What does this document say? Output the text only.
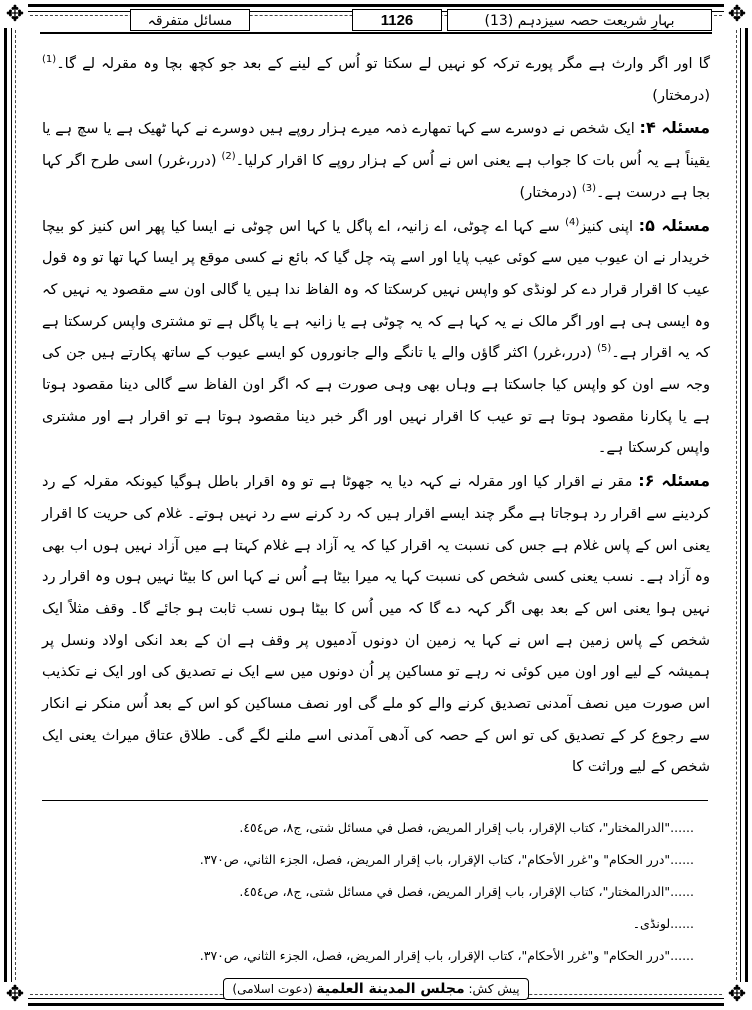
✥	✥
✥	✥
بہارِ شریعت حصہ سیزدہم (13)
1126
مسائل متفرقہ

گا اور اگر وارث ہے مگر پورے ترکہ کو نہیں لے سکتا تو اُس کے لینے کے بعد جو کچھ بچا وہ مقرلہ لے گا۔$^{(1)}$ (درمختار)

مسئلہ ۴: ایک شخص نے دوسرے سے کہا تمھارے ذمہ میرے ہزار روپے ہیں دوسرے نے کہا ٹھیک ہے یا سچ ہے یا یقیناً ہے یہ اُس بات کا جواب ہے یعنی اس نے اُس کے ہزار روپے کا اقرار کرلیا۔$^{(2)}$ (درر،غرر) اسی طرح اگر کہا بجا ہے درست ہے۔$^{(3)}$ (درمختار)

مسئلہ ۵: اپنی کنیز$^{(4)}$ سے کہا اے چوٹی، اے زانیہ، اے پاگل یا کہا اس چوٹی نے ایسا کیا پھر اس کنیز کو بیچا خریدار نے ان عیوب میں سے کوئی عیب پایا اور اسے پتہ چل گیا کہ بائع نے کسی موقع پر ایسا کہا تھا تو وہ قول عیب کا اقرار قرار دے کر لونڈی کو واپس نہیں کرسکتا کہ وہ الفاظ ندا ہیں یا گالی اون سے مقصود یہ نہیں کہ وہ ایسی ہی ہے اور اگر مالک نے یہ کہا ہے کہ یہ چوٹی ہے یا زانیہ ہے یا پاگل ہے تو مشتری واپس کرسکتا ہے کہ یہ اقرار ہے۔$^{(5)}$ (درر،غرر) اکثر گاؤں والے یا تانگے والے جانوروں کو ایسے عیوب کے ساتھ پکارتے ہیں جن کی وجہ سے اون کو واپس کیا جاسکتا ہے وہاں بھی وہی صورت ہے کہ اگر اون الفاظ سے گالی دینا مقصود ہوتا ہے یا پکارنا مقصود ہوتا ہے تو عیب کا اقرار نہیں اور اگر خبر دینا مقصود ہوتا ہے تو اقرار ہے اور مشتری واپس کرسکتا ہے۔

مسئلہ ۶: مقر نے اقرار کیا اور مقرلہ نے کہہ دیا یہ جھوٹا ہے تو وہ اقرار باطل ہوگیا کیونکہ مقرلہ کے رد کردینے سے اقرار رد ہوجاتا ہے مگر چند ایسے اقرار ہیں کہ رد کرنے سے رد نہیں ہوتے۔ غلام کی حریت کا اقرار یعنی اس کے پاس غلام ہے جس کی نسبت یہ اقرار کیا کہ یہ آزاد ہے غلام کہتا ہے میں آزاد نہیں ہوں اب بھی وہ آزاد ہے۔ نسب یعنی کسی شخص کی نسبت کہا یہ میرا بیٹا ہے اُس نے کہا اس کا بیٹا نہیں ہوں وہ اقرار رد نہیں ہوا یعنی اس کے بعد بھی اگر کہہ دے گا کہ میں اُس کا بیٹا ہوں نسب ثابت ہو جائے گا۔ وقف مثلاً ایک شخص کے پاس زمین ہے اس نے کہا یہ زمین ان دونوں آدمیوں پر وقف ہے ان کے بعد انکی اولاد ونسل پر ہمیشہ کے لیے اور اون میں کوئی نہ رہے تو مساکین پر اُن دونوں میں سے ایک نے تصدیق کی اور ایک نے تکذیب اس صورت میں نصف آمدنی تصدیق کرنے والے کو ملے گی اور نصف مساکین کو اس کے بعد اُس منکر نے انکار سے رجوع کر کے تصدیق کی تو اس کے حصہ کی آدھی آمدنی اسے ملنے لگے گی۔ طلاق عتاق میراث یعنی ایک شخص کے لیے وراثت کا

......"الدرالمختار"، كتاب الإقرار، باب إقرار المريض، فصل في مسائل شتى، ج٨، ص٤٥٤.
......"درر الحكام" و"غرر الأحكام"، كتاب الإقرار، باب إقرار المريض، فصل، الجزء الثاني، ص٣٧٠.
......"الدرالمختار"، كتاب الإقرار، باب إقرار المريض، فصل في مسائل شتى، ج٨، ص٤٥٤.
......لونڈی۔
......"درر الحكام" و"غرر الأحكام"، كتاب الإقرار، باب إقرار المريض، فصل، الجزء الثاني، ص٣٧٠.
پیش کش: مجلس المدينة العلمية (دعوت اسلامی)
